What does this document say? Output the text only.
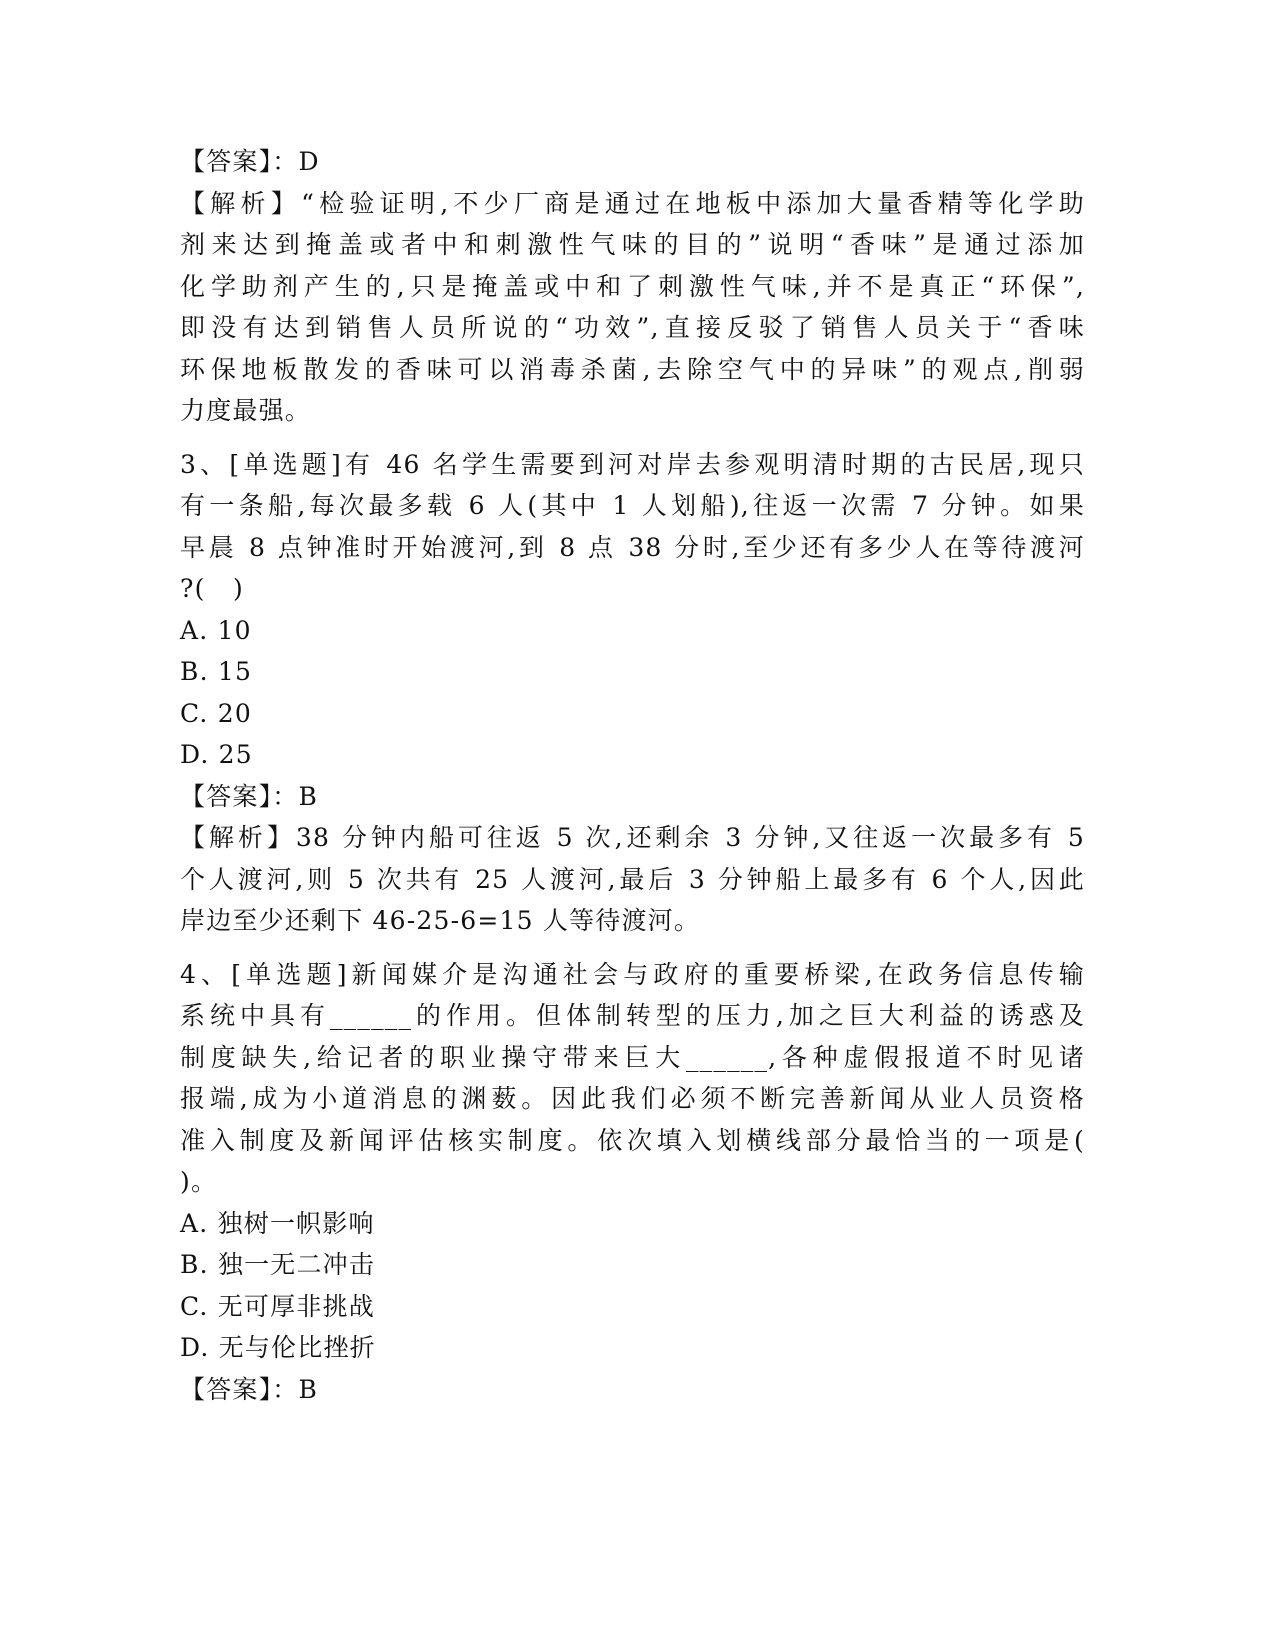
【答案】：D
【解析】“检验证明,不少厂商是通过在地板中添加大量香精等化学助
剂来达到掩盖或者中和刺激性气味的目的”说明“香味”是通过添加
化学助剂产生的,只是掩盖或中和了刺激性气味,并不是真正“环保”,
即没有达到销售人员所说的“功效”,直接反驳了销售人员关于“香味
环保地板散发的香味可以消毒杀菌,去除空气中的异味”的观点,削弱
力度最强。
3、[单选题]有 46 名学生需要到河对岸去参观明清时期的古民居,现只
有一条船,每次最多载 6 人(其中 1 人划船),往返一次需 7 分钟。如果
早晨 8 点钟准时开始渡河,到 8 点 38 分时,至少还有多少人在等待渡河
?(   )
A. 10
B. 15
C. 20
D. 25
【答案】：B
【解析】38 分钟内船可往返 5 次,还剩余 3 分钟,又往返一次最多有 5
个人渡河,则 5 次共有 25 人渡河,最后 3 分钟船上最多有 6 个人,因此
岸边至少还剩下 46-25-6=15 人等待渡河。
4、[单选题]新闻媒介是沟通社会与政府的重要桥梁,在政务信息传输
系统中具有______的作用。但体制转型的压力,加之巨大利益的诱惑及
制度缺失,给记者的职业操守带来巨大______,各种虚假报道不时见诸
报端,成为小道消息的渊薮。因此我们必须不断完善新闻从业人员资格
准入制度及新闻评估核实制度。依次填入划横线部分最恰当的一项是(
)。
A. 独树一帜影响
B. 独一无二冲击
C. 无可厚非挑战
D. 无与伦比挫折
【答案】：B
